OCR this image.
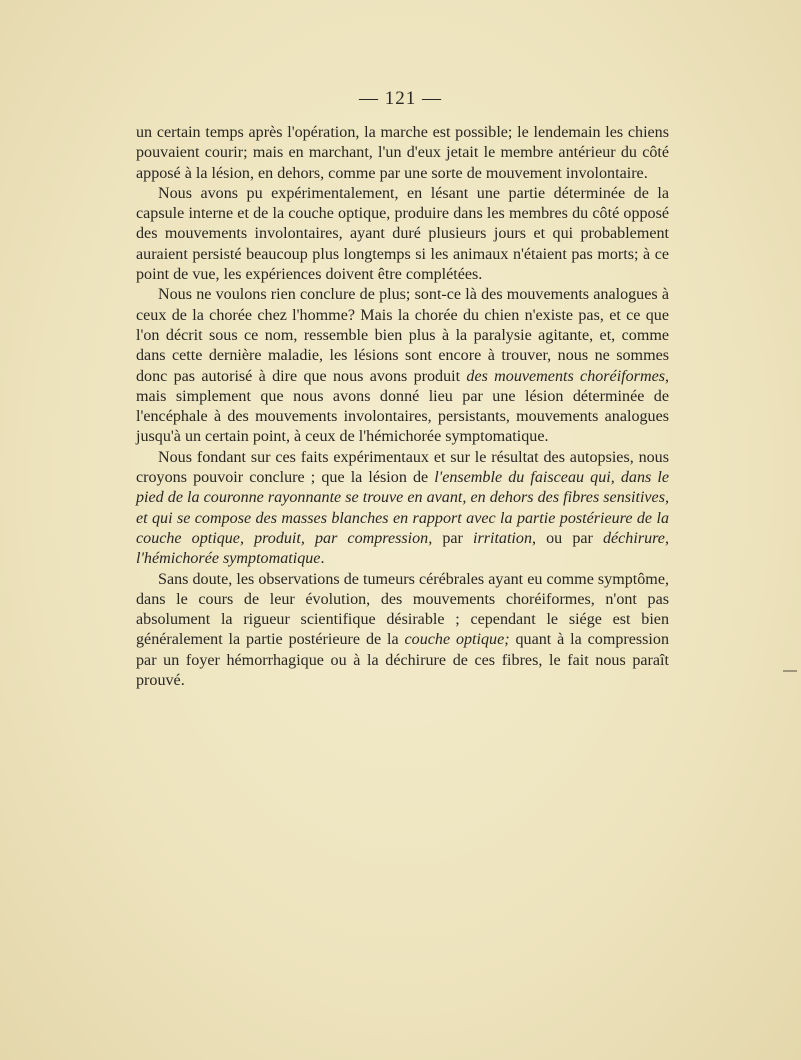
— 121 —

un certain temps après l'opération, la marche est possible; le lendemain les chiens pouvaient courir; mais en marchant, l'un d'eux jetait le membre antérieur du côté apposé à la lésion, en dehors, comme par une sorte de mouvement involontaire.

Nous avons pu expérimentalement, en lésant une partie déterminée de la capsule interne et de la couche optique, produire dans les membres du côté opposé des mouvements involontaires, ayant duré plusieurs jours et qui probablement auraient persisté beaucoup plus longtemps si les animaux n'étaient pas morts; à ce point de vue, les expériences doivent être complétées.

Nous ne voulons rien conclure de plus; sont-ce là des mouvements analogues à ceux de la chorée chez l'homme? Mais la chorée du chien n'existe pas, et ce que l'on décrit sous ce nom, ressemble bien plus à la paralysie agitante, et, comme dans cette dernière maladie, les lésions sont encore à trouver, nous ne sommes donc pas autorisé à dire que nous avons produit des mouvements choréiformes, mais simplement que nous avons donné lieu par une lésion déterminée de l'encéphale à des mouvements involontaires, persistants, mouvements analogues jusqu'à un certain point, à ceux de l'hémichorée symptomatique.

Nous fondant sur ces faits expérimentaux et sur le résultat des autopsies, nous croyons pouvoir conclure ; que la lésion de l'ensemble du faisceau qui, dans le pied de la couronne rayonnante se trouve en avant, en dehors des fibres sensitives, et qui se compose des masses blanches en rapport avec la partie postérieure de la couche optique, produit, par compression, par irritation, ou par déchirure, l'hémichorée symptomatique.

Sans doute, les observations de tumeurs cérébrales ayant eu comme symptôme, dans le cours de leur évolution, des mouvements choréiformes, n'ont pas absolument la rigueur scientifique désirable ; cependant le siége est bien généralement la partie postérieure de la couche optique; quant à la compression par un foyer hémorrhagique ou à la déchirure de ces fibres, le fait nous paraît prouvé.
